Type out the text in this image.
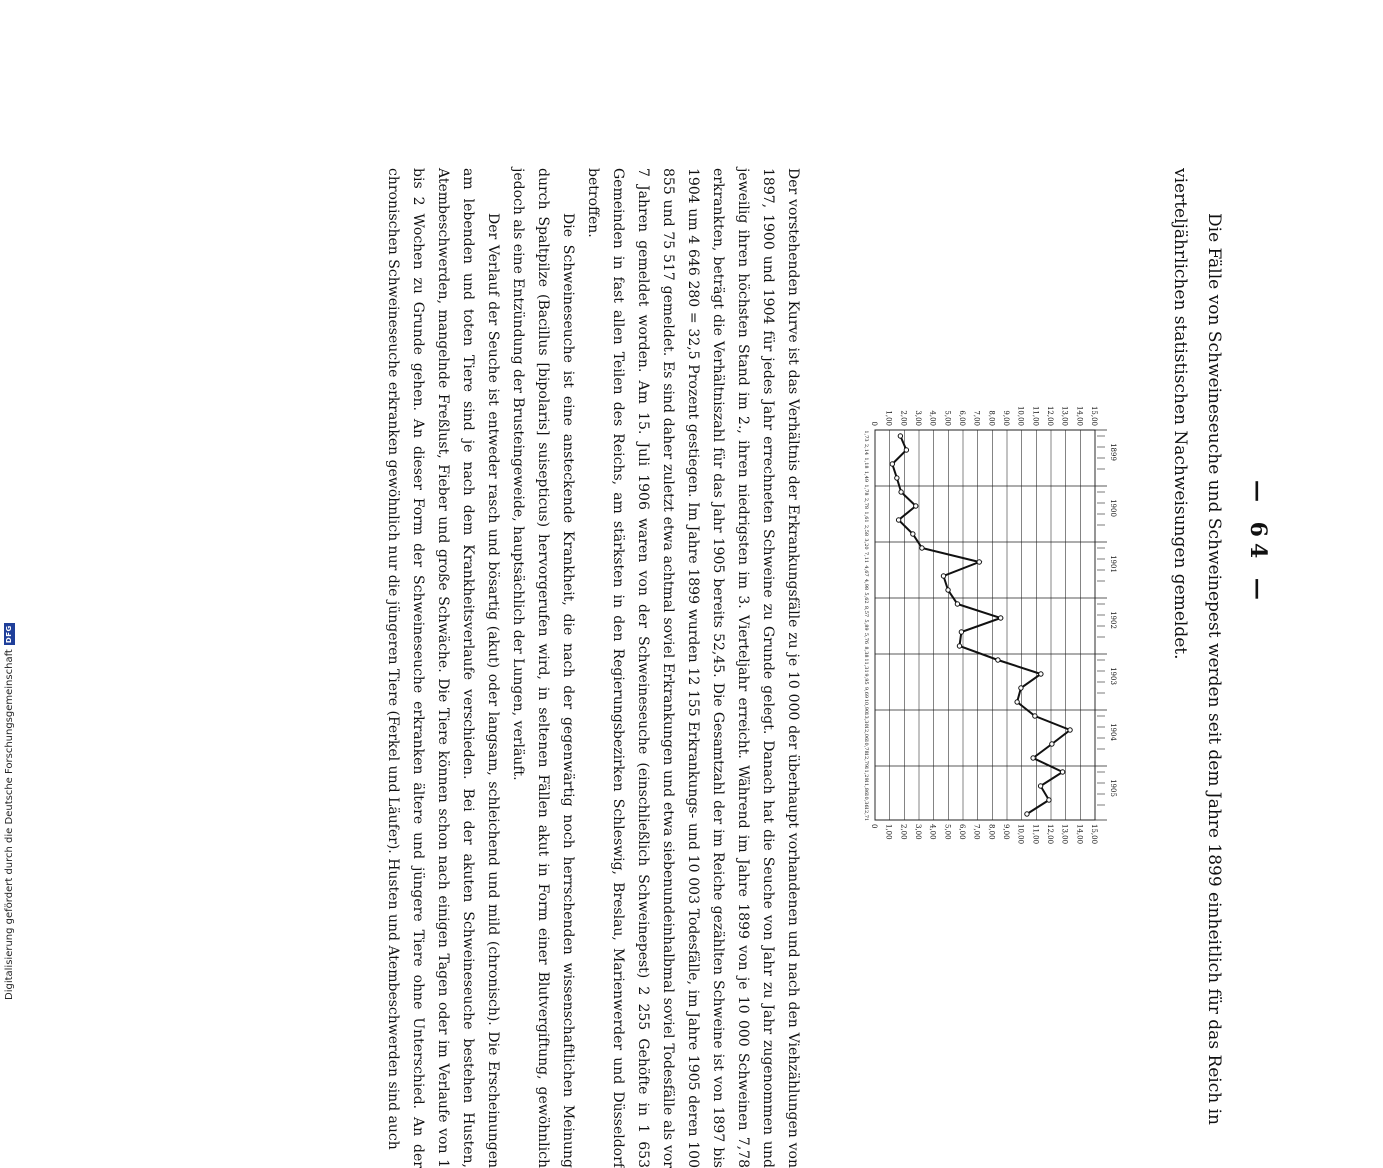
— 64 —
Die Fälle von Schweineseuche und Schweinepest werden seit dem Jahre 1899 einheitlich für das Reich in vierteljährlichen statistischen Nachweisungen gemeldet.
0
0
1,00
1,00
2,00
2,00
3,00
3,00
4,00
4,00
5,00
5,00
6,00
6,00
7,00
7,00
8,00
8,00
9,00
9,00
10,00
10,00
11,00
11,00
12,00
12,00
13,00
13,00
14,00
14,00
15,00
15,00
1899
1900
1901
1902
1903
1904
1905
1,73
2,14
1,18
1,49
1,78
2,78
1,61
2,58
3,20
7,11
4,67
4,98
5,62
8,57
5,89
5,76
8,38
11,31
9,95
9,69
10,90
13,30
12,06
10,78
12,79
11,29
11,86
10,36
12,71

Der vorstehenden Kurve ist das Verhältnis der Erkrankungsfälle zu je 10 000 der überhaupt vorhandenen und nach den Viehzählungen von 1897, 1900 und 1904 für jedes Jahr errechneten Schweine zu Grunde gelegt. Danach hat die Seuche von Jahr zu Jahr zugenommen und jeweilig ihren höchsten Stand im 2., ihren niedrigsten im 3. Vierteljahr erreicht. Während im Jahre 1899 von je 10 000 Schweinen 7,78 erkrankten, beträgt die Verhältniszahl für das Jahr 1905 bereits 52,45. Die Gesamtzahl der im Reiche gezählten Schweine ist von 1897 bis 1904 um 4 646 280 = 32,5 Prozent gestiegen. Im Jahre 1899 wurden 12 155 Erkrankungs- und 10 003 Todesfälle, im Jahre 1905 deren 100 855 und 75 517 gemeldet. Es sind daher zuletzt etwa achtmal soviel Erkrankungen und etwa siebenundeinhalbmal soviel Todesfälle als vor 7 Jahren gemeldet worden. Am 15. Juli 1906 waren von der Schweineseuche (einschließlich Schweinepest) 2 255 Gehöfte in 1 653 Gemeinden in fast allen Teilen des Reichs, am stärksten in den Regierungsbezirken Schleswig, Breslau, Marienwerder und Düsseldorf betroffen.

Die Schweineseuche ist eine ansteckende Krankheit, die nach der gegenwärtig noch herrschenden wissenschaftlichen Meinung durch Spaltpilze (Bacillus [bipolaris] suisepticus) hervorgerufen wird, in seltenen Fällen akut in Form einer Blutvergiftung, gewöhnlich jedoch als eine Entzündung der Brusteingeweide, hauptsächlich der Lungen, verläuft.

Der Verlauf der Seuche ist entweder rasch und bösartig (akut) oder langsam, schleichend und mild (chronisch). Die Erscheinungen am lebenden und toten Tiere sind je nach dem Krankheitsverlaufe verschieden. Bei der akuten Schweineseuche bestehen Husten, Atembeschwerden, mangelnde Freßlust, Fieber und große Schwäche. Die Tiere können schon nach einigen Tagen oder im Verlaufe von 1 bis 2 Wochen zu Grunde gehen. An dieser Form der Schweineseuche erkranken ältere und jüngere Tiere ohne Unterschied. An der chronischen Schweineseuche erkranken gewöhnlich nur die jüngeren Tiere (Ferkel und Läufer). Husten und Atembeschwerden sind auch

Digitalisierung gefördert durch die Deutsche Forschungsgemeinschaft
DFG
